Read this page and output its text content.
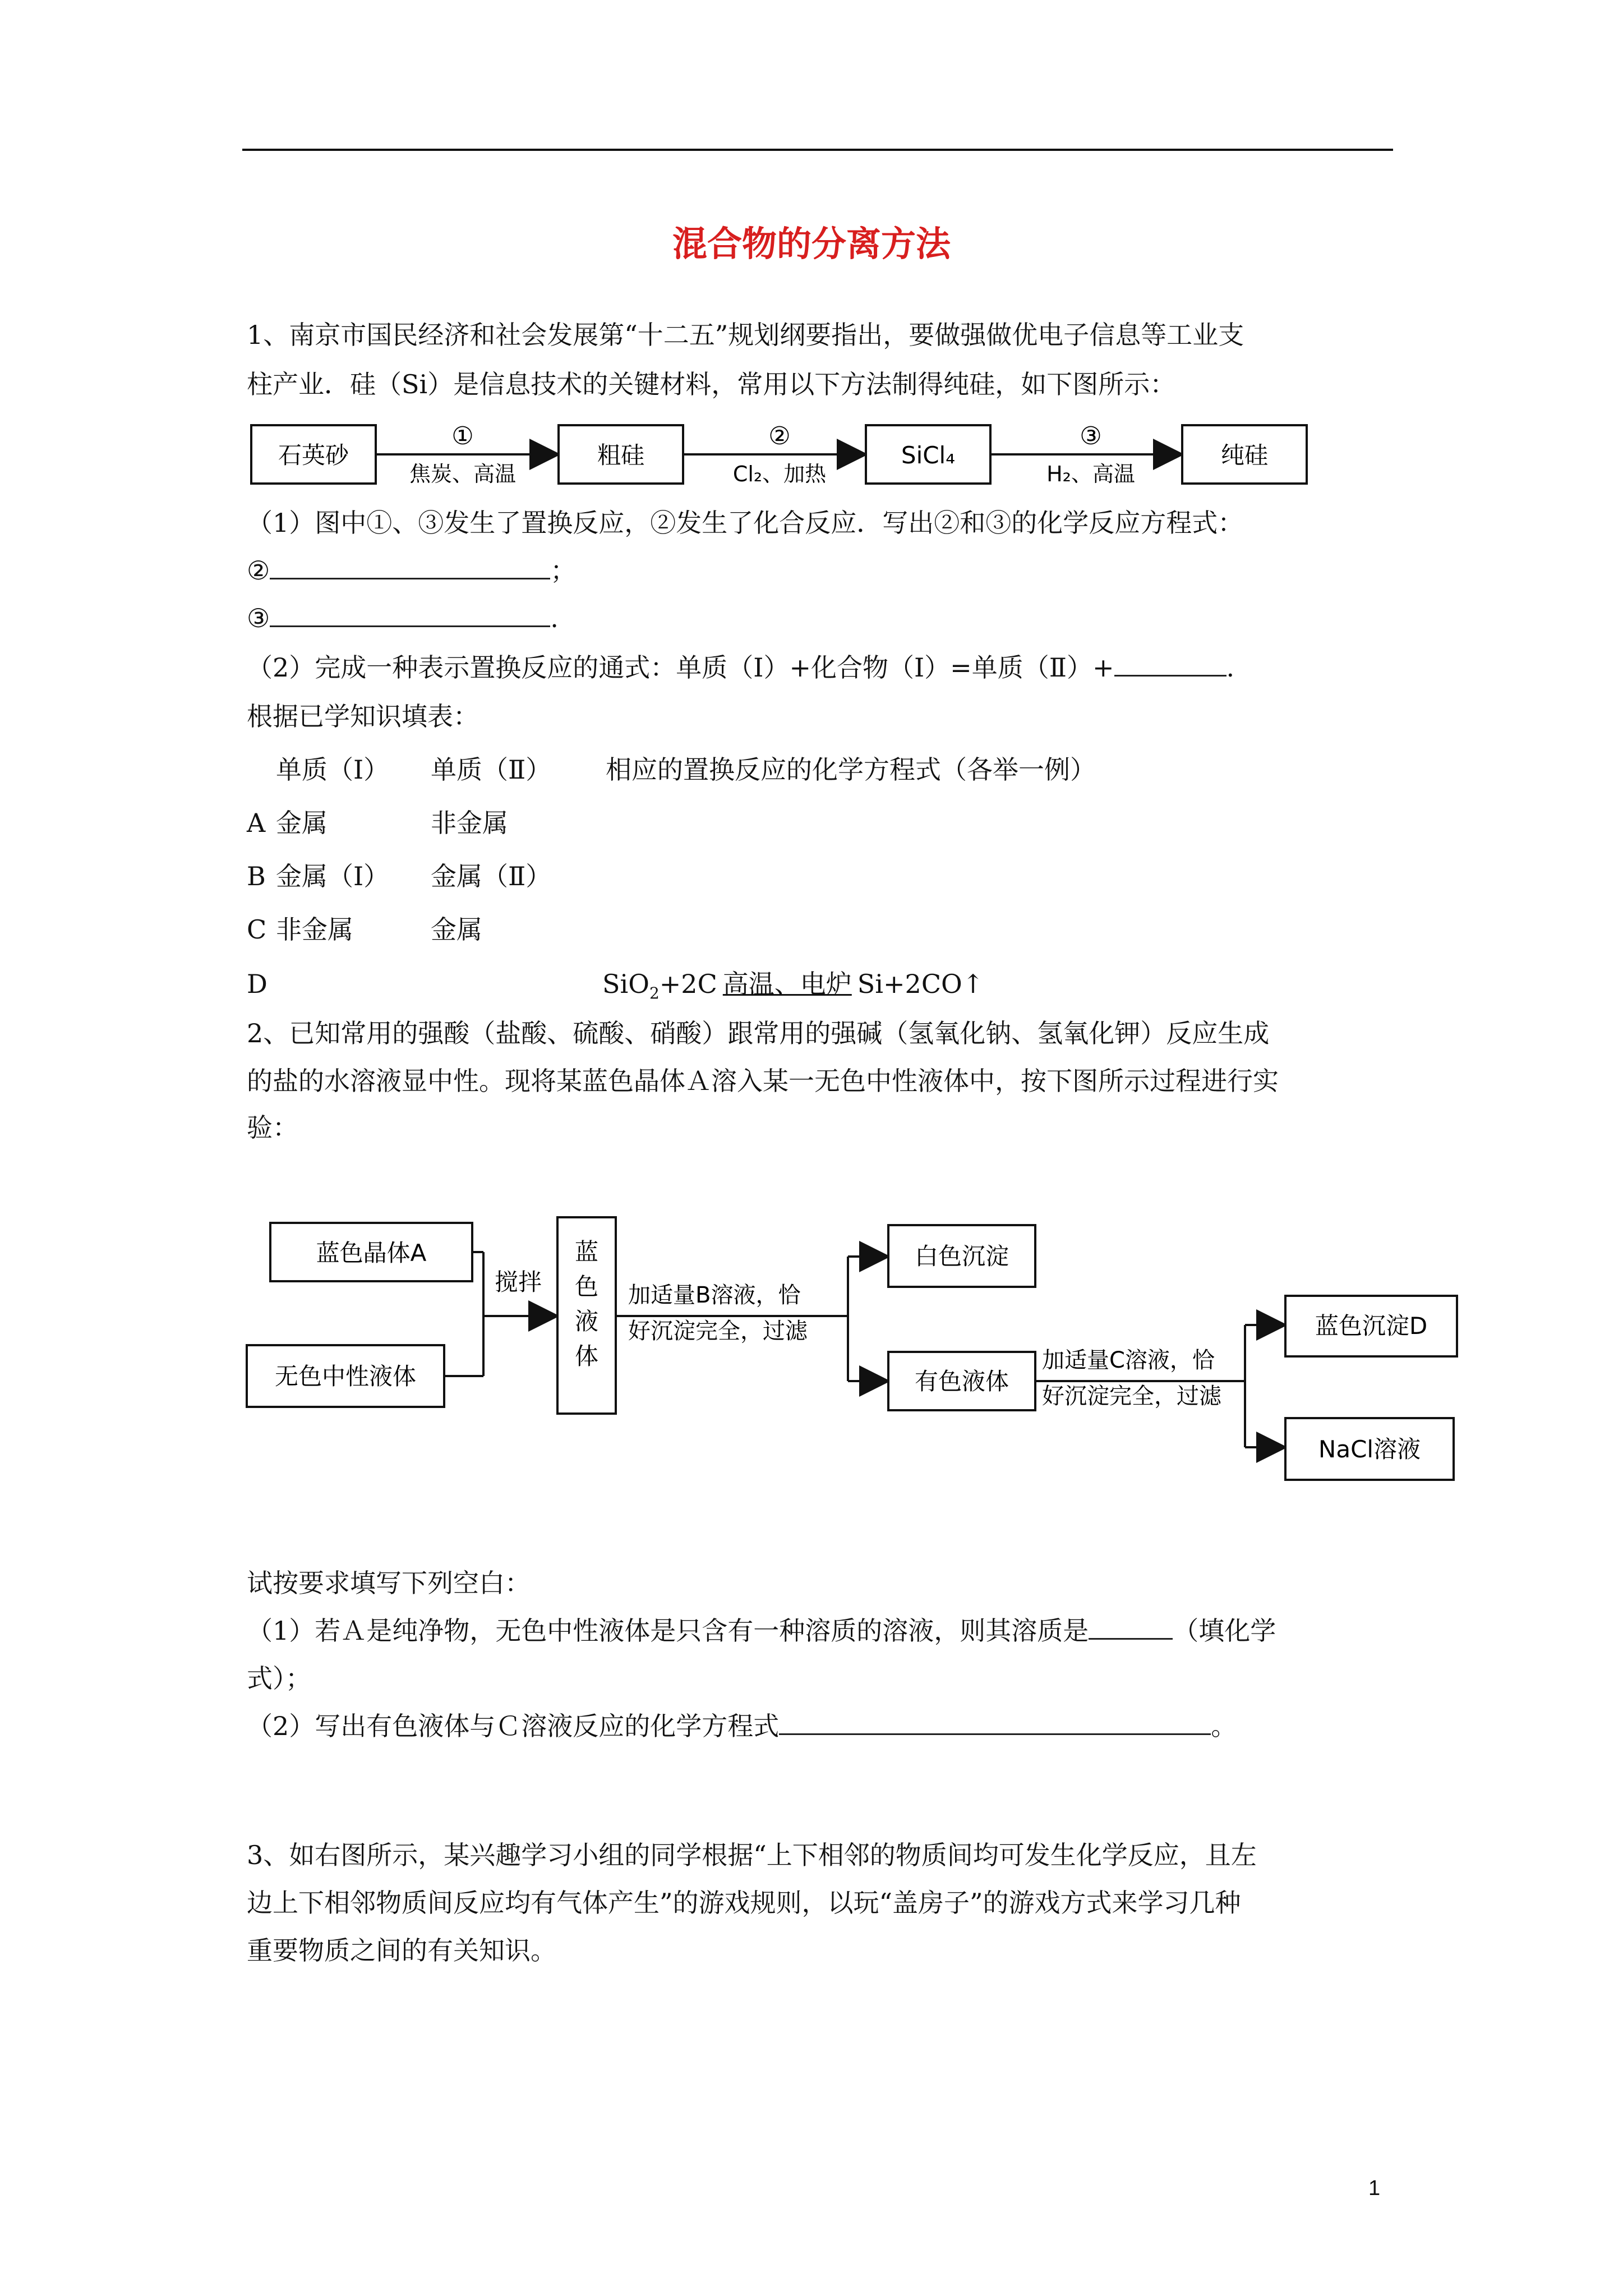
混合物的分离方法
1、南京市国民经济和社会发展第“十二五”规划纲要指出，要做强做优电子信息等工业支
柱产业．硅（Si）是信息技术的关键材料，常用以下方法制得纯硅，如下图所示：
石英砂
①
焦炭、高温
粗硅
②
Cl₂、加热
SiCl₄
③
H₂、高温
纯硅
（1）图中①、③发生了置换反应，②发生了化合反应．写出②和③的化学反应方程式：
②	；
③	.
（2）完成一种表示置换反应的通式：单质（I）+化合物（I）=单质（Ⅱ）+	.
根据已学知识填表：
单质（I） 单质（Ⅱ） 相应的置换反应的化学方程式（各举一例）
A 金属	非金属
B 金属（I） 金属（Ⅱ）
C 非金属	金属
D	SiO$_2$+2C 高温、电炉 Si+2CO↑
2、已知常用的强酸（盐酸、硫酸、硝酸）跟常用的强碱（氢氧化钠、氢氧化钾）反应生成
的盐的水溶液显中性。现将某蓝色晶体Ａ溶入某一无色中性液体中，按下图所示过程进行实
验：
蓝色晶体A
无色中性液体
搅拌
蓝
色
液
体
加适量B溶液，恰
好沉淀完全，过滤
白色沉淀
有色液体
加适量C溶液，恰
好沉淀完全，过滤
蓝色沉淀D
NaCl溶液
试按要求填写下列空白：
（1）若Ａ是纯净物，无色中性液体是只含有一种溶质的溶液，则其溶质是	（填化学
式）；
（2）写出有色液体与Ｃ溶液反应的化学方程式	。
3、如右图所示，某兴趣学习小组的同学根据“上下相邻的物质间均可发生化学反应，且左
边上下相邻物质间反应均有气体产生”的游戏规则，以玩“盖房子”的游戏方式来学习几种
重要物质之间的有关知识。
1
